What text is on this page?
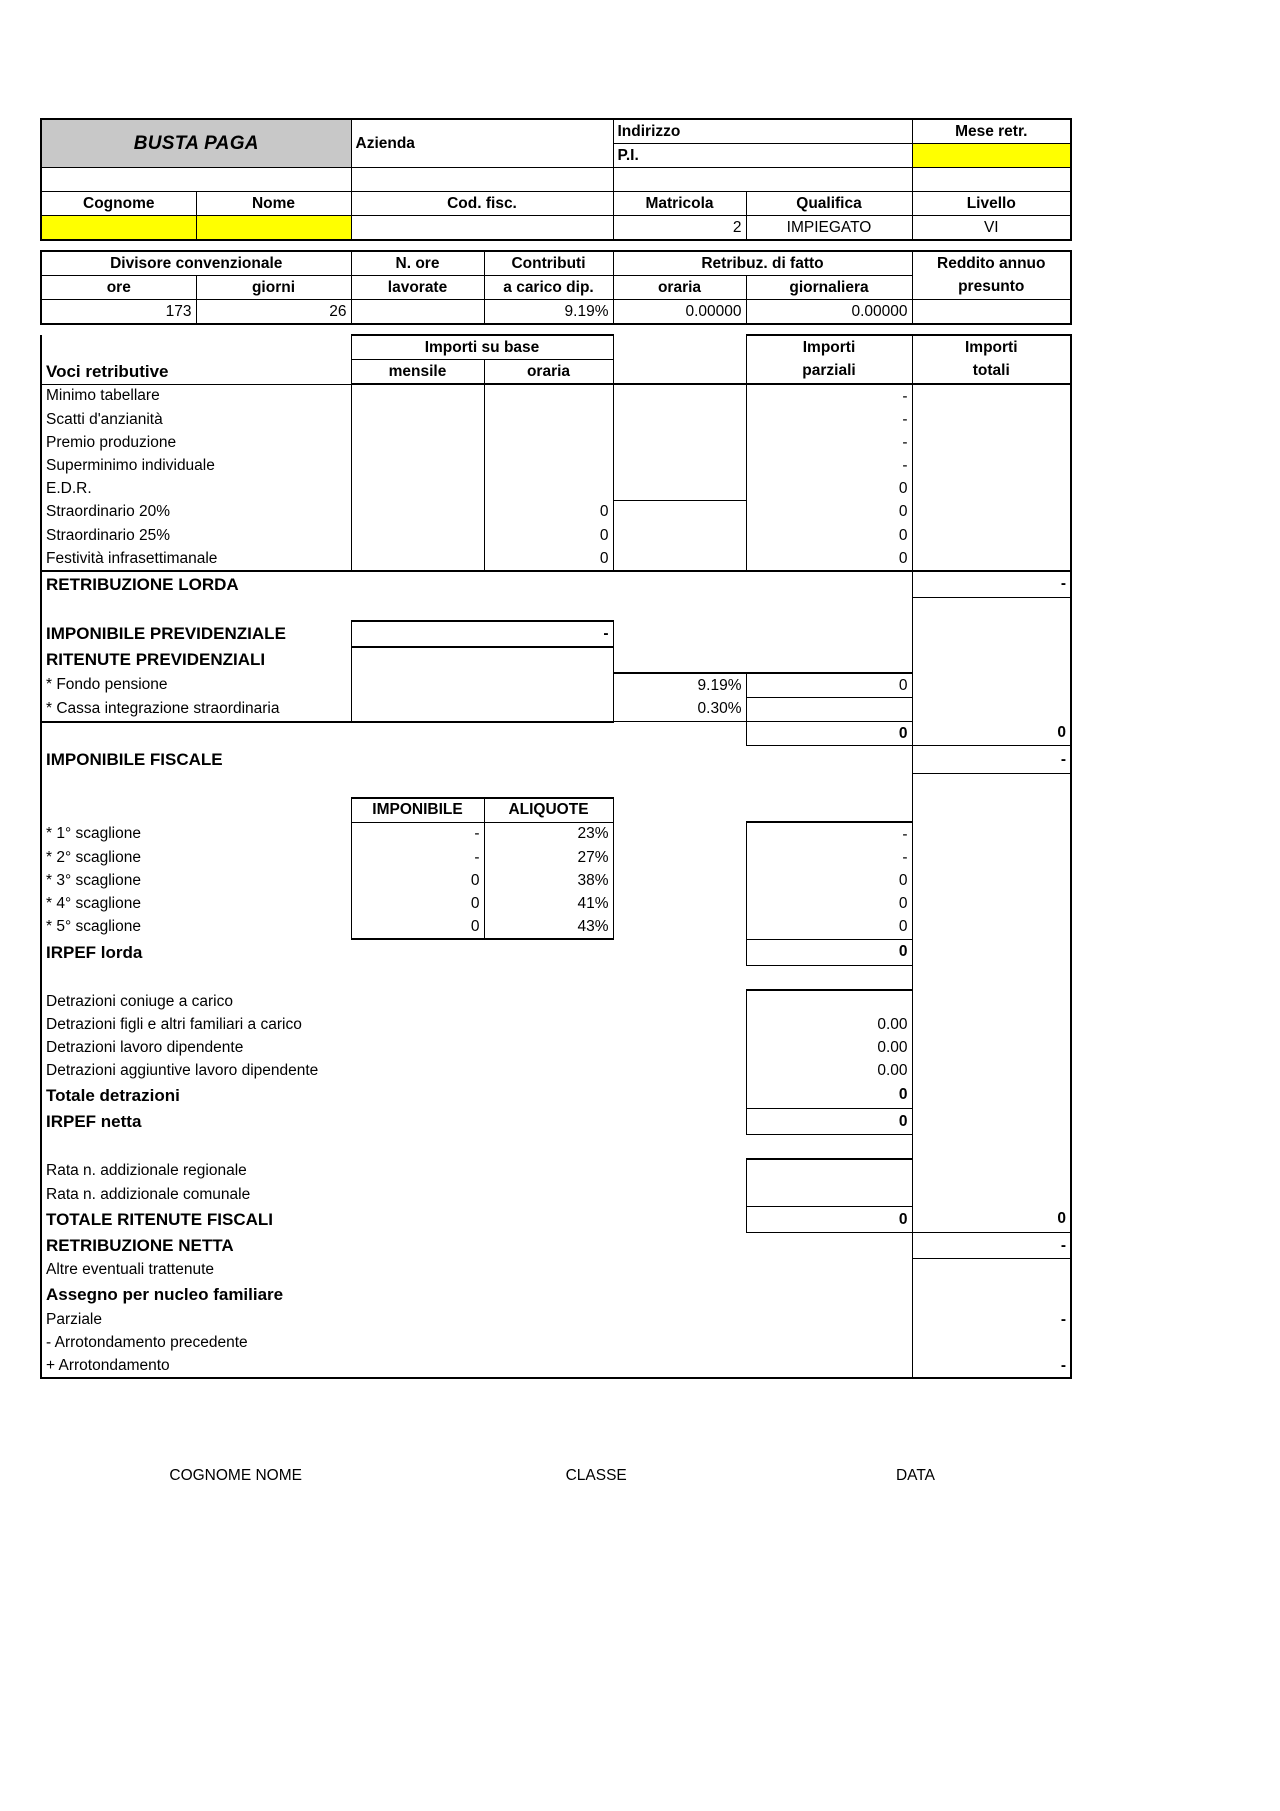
BUSTA PAGA		Azienda	Indirizzo		Mese retr.
			P.I.		

Cognome	Nome	Cod. fisc.	Matricola	Qualifica	Livello
			2	IMPIEGATO	VI
Divisore convenzionale		N. ore	Contributi	Retribuz. di fatto		Reddito annuo
ore	giorni	lavorate	a carico dip.	oraria	giornaliera	presunto
173	26		9.19%	0.00000	0.00000	
	Importi su base			Importi	Importi
Voci retributive	mensile	oraria		parziali	totali
Minimo tabellare				-	
Scatti d'anzianità				-	
Premio produzione				-	
Superminimo individuale				-	
E.D.R.				0	
Straordinario 20%		0		0	
Straordinario 25%		0		0	
Festività infrasettimanale		0		0	
RETRIBUZIONE LORDA					-

IMPONIBILE PREVIDENZIALE	-				
RITENUTE PREVIDENZIALI					
* Fondo pensione			9.19%	0	
* Cassa integrazione straordinaria			0.30%		
				0	0
IMPONIBILE FISCALE					-

	IMPONIBILE	ALIQUOTE			
* 1° scaglione	-	23%		-	
* 2° scaglione	-	27%		-	
* 3° scaglione	0	38%		0	
* 4° scaglione	0	41%		0	
* 5° scaglione	0	43%		0	
IRPEF lorda				0	

Detrazioni coniuge a carico					
Detrazioni figli e altri familiari a carico				0.00	
Detrazioni lavoro dipendente				0.00	
Detrazioni aggiuntive lavoro dipendente				0.00	
Totale detrazioni				0	
IRPEF netta				0	

Rata n. addizionale regionale					
Rata n. addizionale comunale					
TOTALE RITENUTE FISCALI				0	0
RETRIBUZIONE NETTA					-
Altre eventuali trattenute					
Assegno per nucleo familiare					
Parziale					-
- Arrotondamento precedente					
+ Arrotondamento					-
COGNOME NOME	CLASSE	DATA
